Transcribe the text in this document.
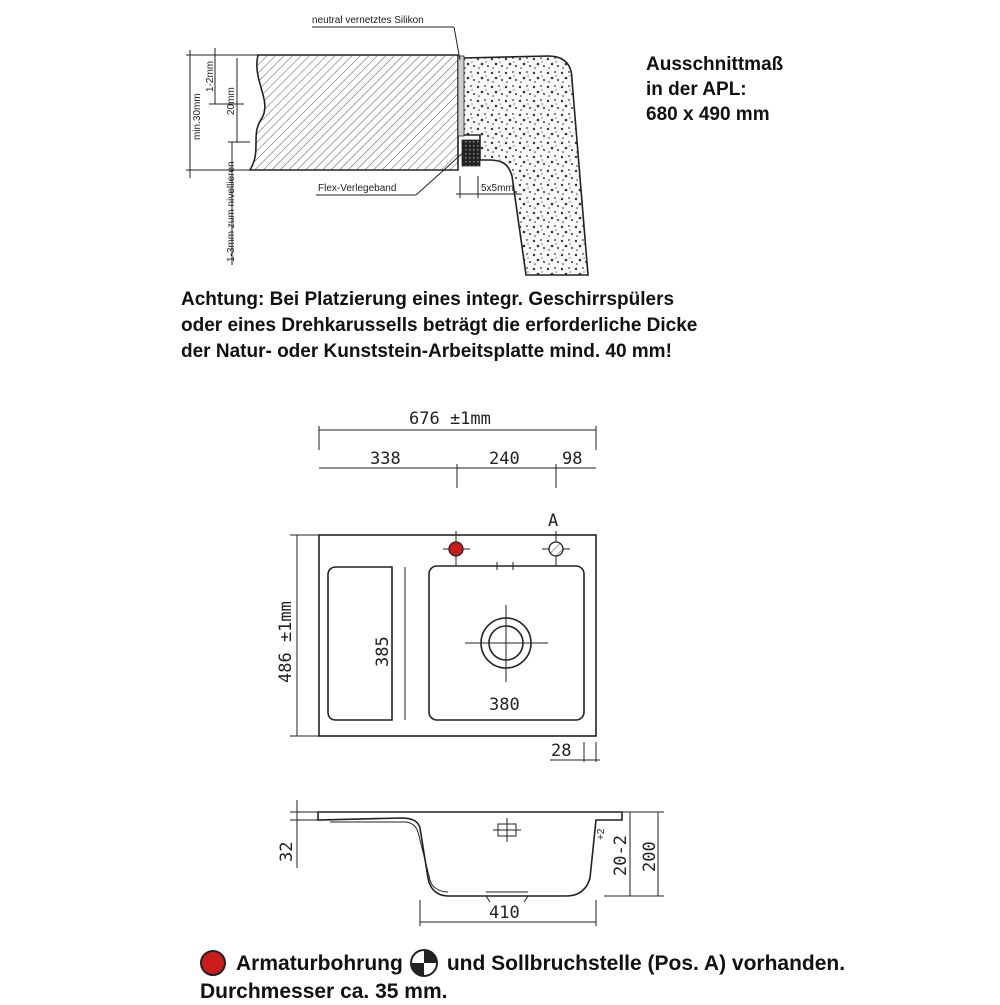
neutral vernetztes Silikon
Flex-Verlegeband	5x5mm
min.30mm
1-2mm
20mm
1-3mm zum nivellieren
676 ±1mm
338	240 98
A
486 ±1mm	385
380
28
32	20-2
+2
200
410
Ausschnittmaß
in der APL:
680 x 490 mm
Achtung: Bei Platzierung eines integr. Geschirrspülers
oder eines Drehkarussells beträgt die erforderliche Dicke
der Natur- oder Kunststein-Arbeitsplatte mind. 40 mm!
Armaturbohrung und Sollbruchstelle (Pos. A) vorhanden.
Durchmesser ca. 35 mm.
